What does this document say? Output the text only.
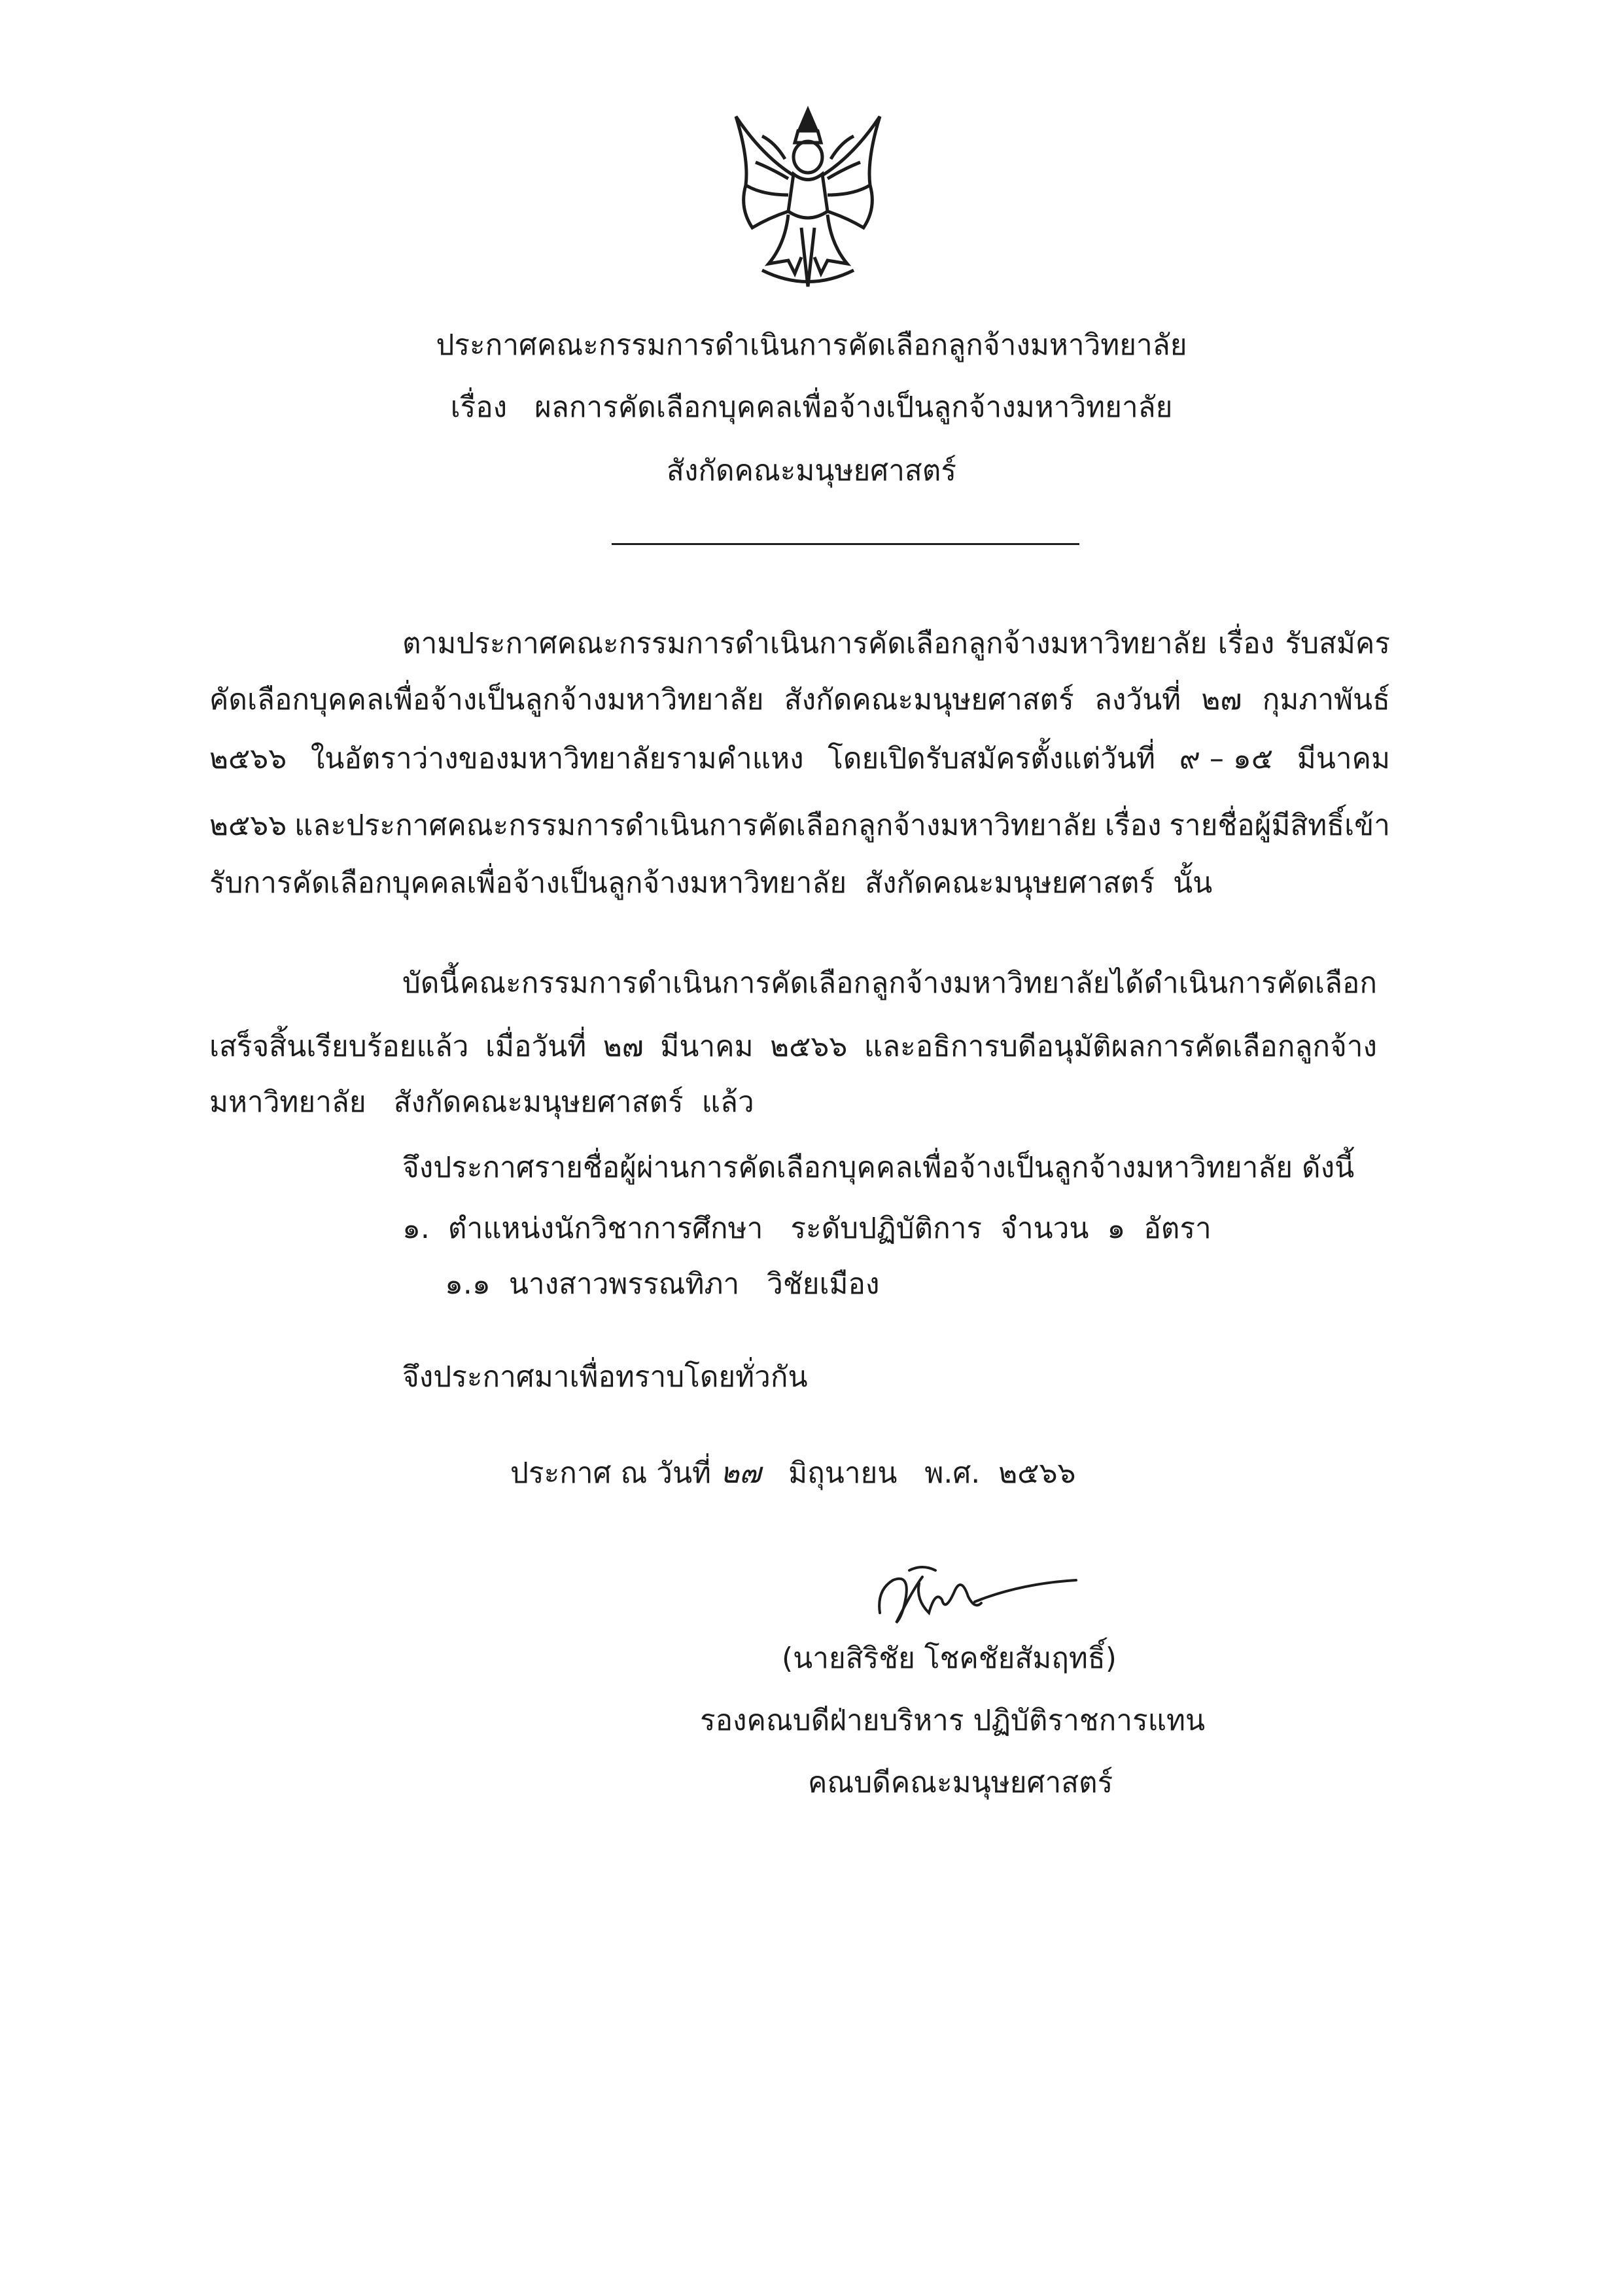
ประกาศคณะกรรมการดำเนินการคัดเลือกลูกจ้างมหาวิทยาลัย
เรื่อง ผลการคัดเลือกบุคคลเพื่อจ้างเป็นลูกจ้างมหาวิทยาลัย
สังกัดคณะมนุษยศาสตร์
ตามประกาศคณะกรรมการดำเนินการคัดเลือกลูกจ้างมหาวิทยาลัย เรื่อง รับสมัคร
คัดเลือกบุคคลเพื่อจ้างเป็นลูกจ้างมหาวิทยาลัย สังกัดคณะมนุษยศาสตร์ ลงวันที่ ๒๗ กุมภาพันธ์
๒๕๖๖ ในอัตราว่างของมหาวิทยาลัยรามคำแหง โดยเปิดรับสมัครตั้งแต่วันที่ ๙ – ๑๕ มีนาคม
๒๕๖๖ และประกาศคณะกรรมการดำเนินการคัดเลือกลูกจ้างมหาวิทยาลัย เรื่อง รายชื่อผู้มีสิทธิ์เข้า
รับการคัดเลือกบุคคลเพื่อจ้างเป็นลูกจ้างมหาวิทยาลัย สังกัดคณะมนุษยศาสตร์ นั้น
บัดนี้ คณะกรรมการดำเนินการคัดเลือกลูกจ้างมหาวิทยาลัย ได้ดำเนินการคัดเลือก
เสร็จสิ้นเรียบร้อยแล้ว เมื่อวันที่ ๒๗ มีนาคม ๒๕๖๖ และอธิการบดีอนุมัติผลการคัดเลือกลูกจ้าง
มหาวิทยาลัย สังกัดคณะมนุษยศาสตร์ แล้ว
จึงประกาศรายชื่อผู้ผ่านการคัดเลือกบุคคลเพื่อจ้างเป็นลูกจ้างมหาวิทยาลัย ดังนี้
๑. ตำแหน่งนักวิชาการศึกษา ระดับปฏิบัติการ จำนวน ๑ อัตรา
๑.๑ นางสาวพรรณทิภา วิชัยเมือง
จึงประกาศมาเพื่อทราบโดยทั่วกัน
ประกาศ ณ วันที่ ๒๗ มิถุนายน พ.ศ. ๒๕๖๖
(นายสิริชัย โชคชัยสัมฤทธิ์)
รองคณบดีฝ่ายบริหาร ปฏิบัติราชการแทน
คณบดีคณะมนุษยศาสตร์
